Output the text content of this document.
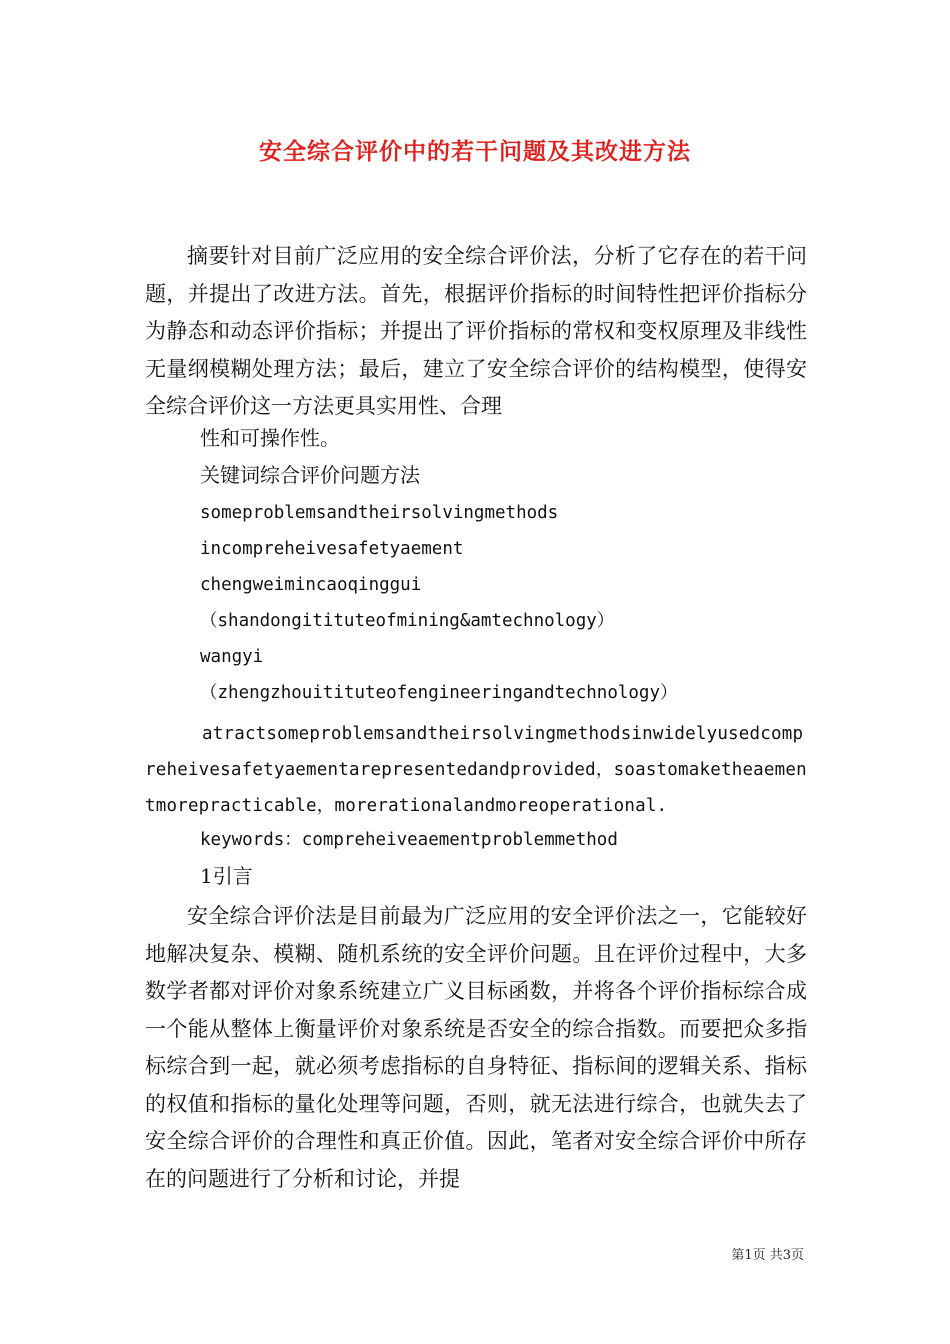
安全综合评价中的若干问题及其改进方法

摘要针对目前广泛应用的安全综合评价法，分析了它存在的若干问题，并提出了改进方法。首先，根据评价指标的时间特性把评价指标分为静态和动态评价指标；并提出了评价指标的常权和变权原理及非线性无量纲模糊处理方法；最后，建立了安全综合评价的结构模型，使得安全综合评价这一方法更具实用性、合理

性和可操作性。

关键词综合评价问题方法

someproblemsandtheirsolvingmethods

incompreheivesafetyaement

chengweimincaoqinggui

（shandongitituteofmining&amtechnology）

wangyi

（zhengzhouitituteofengineeringandtechnology）

atractsomeproblemsandtheirsolvingmethodsinwidelyusedcompreheivesafetyaementarepresentedandprovided，soastomaketheaementmorepracticable，morerationalandmoreoperational.

keywords：compreheiveaementproblemmethod

1引言

安全综合评价法是目前最为广泛应用的安全评价法之一，它能较好地解决复杂、模糊、随机系统的安全评价问题。且在评价过程中，大多数学者都对评价对象系统建立广义目标函数，并将各个评价指标综合成一个能从整体上衡量评价对象系统是否安全的综合指数。而要把众多指标综合到一起，就必须考虑指标的自身特征、指标间的逻辑关系、指标的权值和指标的量化处理等问题，否则，就无法进行综合，也就失去了安全综合评价的合理性和真正价值。因此，笔者对安全综合评价中所存在的问题进行了分析和讨论，并提

第1页 共3页
